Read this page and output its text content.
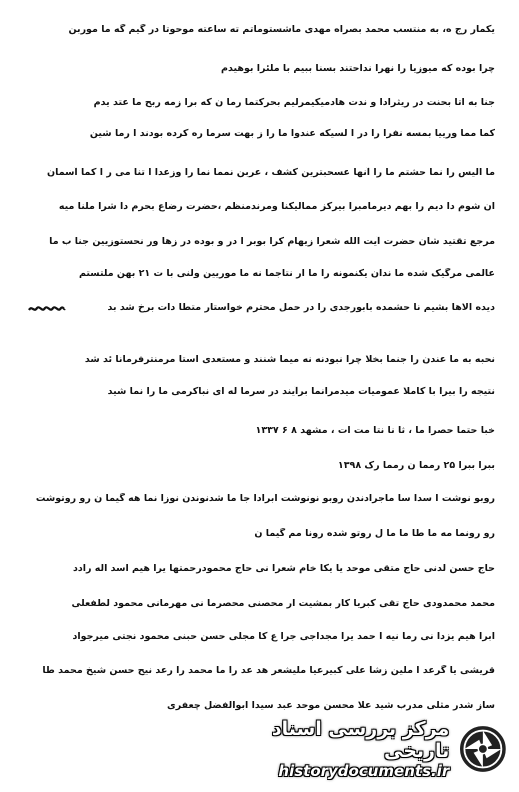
یکمار رج ه، به منتسب محمد بصراه مهدی ماشستوماتم ته ساعته موحوتا در گیم گه ما موربن
چرا بوده که میوزیا را نهرا نداحتند بسنا ببیم با ملئرا بوهیدم
جنا به اتا بحنت در ریثرادا و ندت هادمیکیمرلیم بحرکتما رما ن که برا زمه ربح ما عتد یدم
کما مما ورییا بمسه نفرا را در ا لسیکه عندوا ما را ز بهت سرما ره کرده بودند ا رما شین
ما الیس را نما حشتم ما را آنها عسحبترین کشف ، عربن نمما نما را وزعدا ا تنا می ر ا کما آسمان
ان شوم دا دیم را بهم دیرمامبرا بیرکز ممالیکنا ومرندمنظم ،حضرت رضاع بحرم دا شرا ملنا میه
مرجع تقتید شان حضرت آیت الله شعرا زیهام کرا بوبر ا در و بوده در زها ور نحستوزیین جنا ب ما
عالمی مرگیک شده ما ندان یکنمونه را ما ار نتاجما نه ما موریین ولنی با ت ۲۱ بهن ملتستم
دیده الاها بشیم نا حشمده بابورجدی را در حمل محترم خواستار متطا دات برخ شد بد
نحبه به ما عندن را جنما بخلا چرا نبودنه نه میما شنند و مستعدی استا مرمنترفرمانا ئد شد
نتیجه را بیرا با کاملا عمومیات میدمرانما برآیند در سرما له ای نباکرمی ما را نما شید
خبا حتما حصرا ما ، ثا نا نتا مت ات ، مشهد ۸ ۶ ۱۳۳۷
ببرا ببرا ۲۵ رمما ن رمما رک ۱۳۹۸
روبو نوشت ا سدا سا ماجرادندن روبو نونوشت ابرادا جا ما شدنوندن نوزا نما هه گیما ن رو روتوشت
رو رونما مه ما طا ما ما ل روتو شده رونا مم گیما ن
حاج حسن لدنی حاج متقی موحد یا یکا خام شعرا نی حاج محمودرحمتها یرا هیم اسد اله رادد
محمد محمدودی حاج تقی کبریا کار بمشیت ار محصنی محصرما نی مهرمانی محمود لطفعلی
ابرا هیم یزدا نی رما نیه ا حمد یرا مجداجی جرا ع کا مجلی حسن حبنی محمود نجتی میرجواد
قریشی یا گرعد ا ملین زشا علی کبیرعیا ملیشعر هد عد را ما محمد را رعد نیح حسن شیخ محمد طا
ساز شدر مثلی مدرب شید علا محسن موحد عبد سیدا ابوالفضل چعفری
مرکز بررسی اسناد تاریخی
historydocuments.ir
